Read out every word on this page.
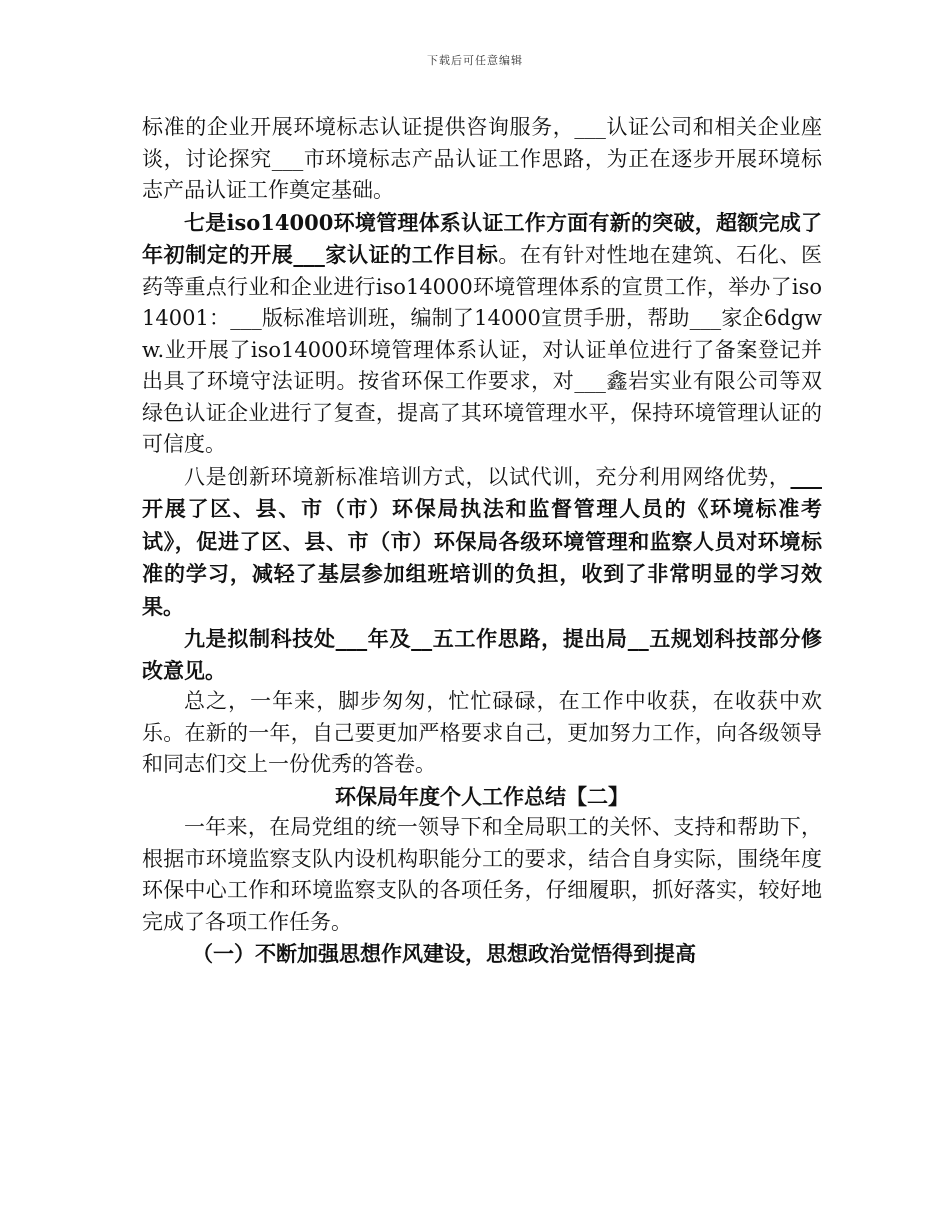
下载后可任意编辑

标准的企业开展环境标志认证提供咨询服务，___认证公司和相关企业座谈，讨论探究___市环境标志产品认证工作思路，为正在逐步开展环境标志产品认证工作奠定基础。

七是iso14000环境管理体系认证工作方面有新的突破，超额完成了年初制定的开展___家认证的工作目标。在有针对性地在建筑、石化、医药等重点行业和企业进行iso14000环境管理体系的宣贯工作，举办了iso14001：___版标准培训班，编制了14000宣贯手册，帮助___家企6dgww.业开展了iso14000环境管理体系认证，对认证单位进行了备案登记并出具了环境守法证明。按省环保工作要求，对___鑫岩实业有限公司等双绿色认证企业进行了复查，提高了其环境管理水平，保持环境管理认证的可信度。

八是创新环境新标准培训方式，以试代训，充分利用网络优势，___开展了区、县、市（市）环保局执法和监督管理人员的《环境标准考试》，促进了区、县、市（市）环保局各级环境管理和监察人员对环境标准的学习，减轻了基层参加组班培训的负担，收到了非常明显的学习效果。

九是拟制科技处___年及__五工作思路，提出局__五规划科技部分修改意见。

总之，一年来，脚步匆匆，忙忙碌碌，在工作中收获，在收获中欢乐。在新的一年，自己要更加严格要求自己，更加努力工作，向各级领导和同志们交上一份优秀的答卷。

环保局年度个人工作总结【二】

一年来，在局党组的统一领导下和全局职工的关怀、支持和帮助下，根据市环境监察支队内设机构职能分工的要求，结合自身实际，围绕年度环保中心工作和环境监察支队的各项任务，仔细履职，抓好落实，较好地完成了各项工作任务。

（一）不断加强思想作风建设，思想政治觉悟得到提高
